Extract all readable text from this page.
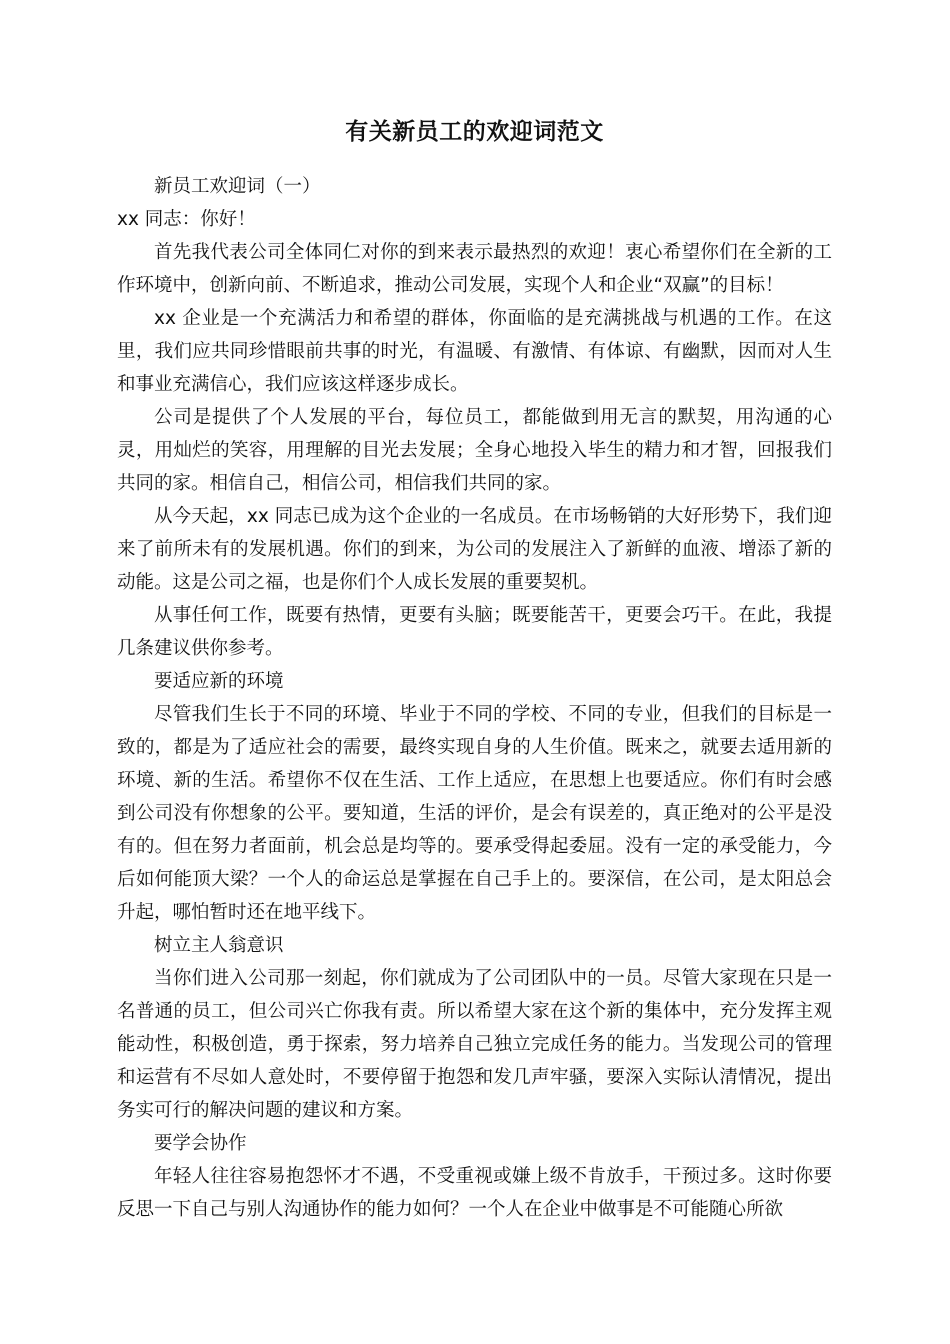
有关新员工的欢迎词范文

新员工欢迎词（一）

xx 同志：你好！

首先我代表公司全体同仁对你的到来表示最热烈的欢迎！衷心希望你们在全新的工作环境中，创新向前、不断追求，推动公司发展，实现个人和企业“双赢”的目标！

xx 企业是一个充满活力和希望的群体，你面临的是充满挑战与机遇的工作。在这里，我们应共同珍惜眼前共事的时光，有温暖、有激情、有体谅、有幽默，因而对人生和事业充满信心，我们应该这样逐步成长。

公司是提供了个人发展的平台，每位员工，都能做到用无言的默契，用沟通的心灵，用灿烂的笑容，用理解的目光去发展；全身心地投入毕生的精力和才智，回报我们共同的家。相信自己，相信公司，相信我们共同的家。

从今天起，xx 同志已成为这个企业的一名成员。在市场畅销的大好形势下，我们迎来了前所未有的发展机遇。你们的到来，为公司的发展注入了新鲜的血液、增添了新的动能。这是公司之福，也是你们个人成长发展的重要契机。

从事任何工作，既要有热情，更要有头脑；既要能苦干，更要会巧干。在此，我提几条建议供你参考。

要适应新的环境

尽管我们生长于不同的环境、毕业于不同的学校、不同的专业，但我们的目标是一致的，都是为了适应社会的需要，最终实现自身的人生价值。既来之，就要去适用新的环境、新的生活。希望你不仅在生活、工作上适应，在思想上也要适应。你们有时会感到公司没有你想象的公平。要知道，生活的评价，是会有误差的，真正绝对的公平是没有的。但在努力者面前，机会总是均等的。要承受得起委屈。没有一定的承受能力，今后如何能顶大梁？一个人的命运总是掌握在自己手上的。要深信，在公司，是太阳总会升起，哪怕暂时还在地平线下。

树立主人翁意识

当你们进入公司那一刻起，你们就成为了公司团队中的一员。尽管大家现在只是一名普通的员工，但公司兴亡你我有责。所以希望大家在这个新的集体中，充分发挥主观能动性，积极创造，勇于探索，努力培养自己独立完成任务的能力。当发现公司的管理和运营有不尽如人意处时，不要停留于抱怨和发几声牢骚，要深入实际认清情况，提出务实可行的解决问题的建议和方案。

要学会协作

年轻人往往容易抱怨怀才不遇，不受重视或嫌上级不肯放手，干预过多。这时你要反思一下自己与别人沟通协作的能力如何？一个人在企业中做事是不可能随心所欲
